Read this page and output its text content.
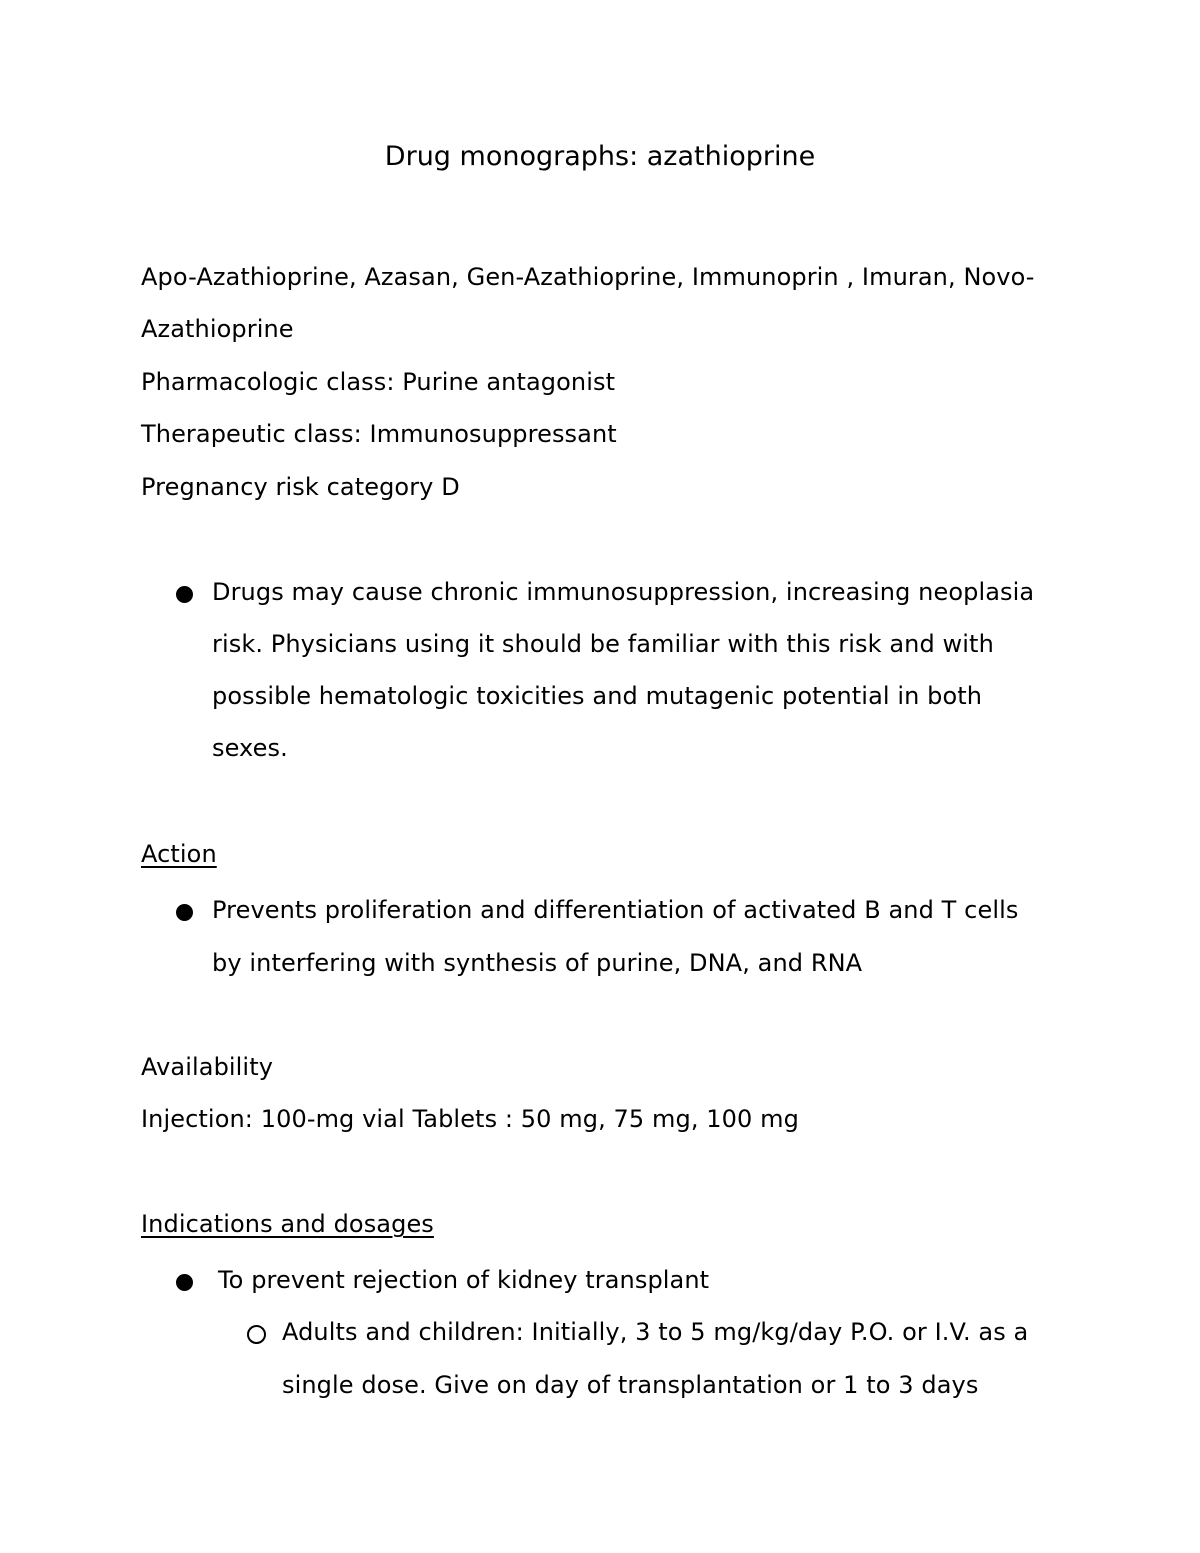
Drug monographs: azathioprine
Apo-Azathioprine, Azasan, Gen-Azathioprine, Immunoprin , Imuran, Novo-
Azathioprine
Pharmacologic class: Purine antagonist
Therapeutic class: Immunosuppressant
Pregnancy risk category D
Drugs may cause chronic immunosuppression, increasing neoplasia
risk. Physicians using it should be familiar with this risk and with
possible hematologic toxicities and mutagenic potential in both
sexes.
Action
Prevents proliferation and differentiation of activated B and T cells
by interfering with synthesis of purine, DNA, and RNA
Availability
Injection: 100-mg vial Tablets : 50 mg, 75 mg, 100 mg
Indications and dosages
To prevent rejection of kidney transplant
Adults and children: Initially, 3 to 5 mg/kg/day P.O. or I.V. as a
single dose. Give on day of transplantation or 1 to 3 days
